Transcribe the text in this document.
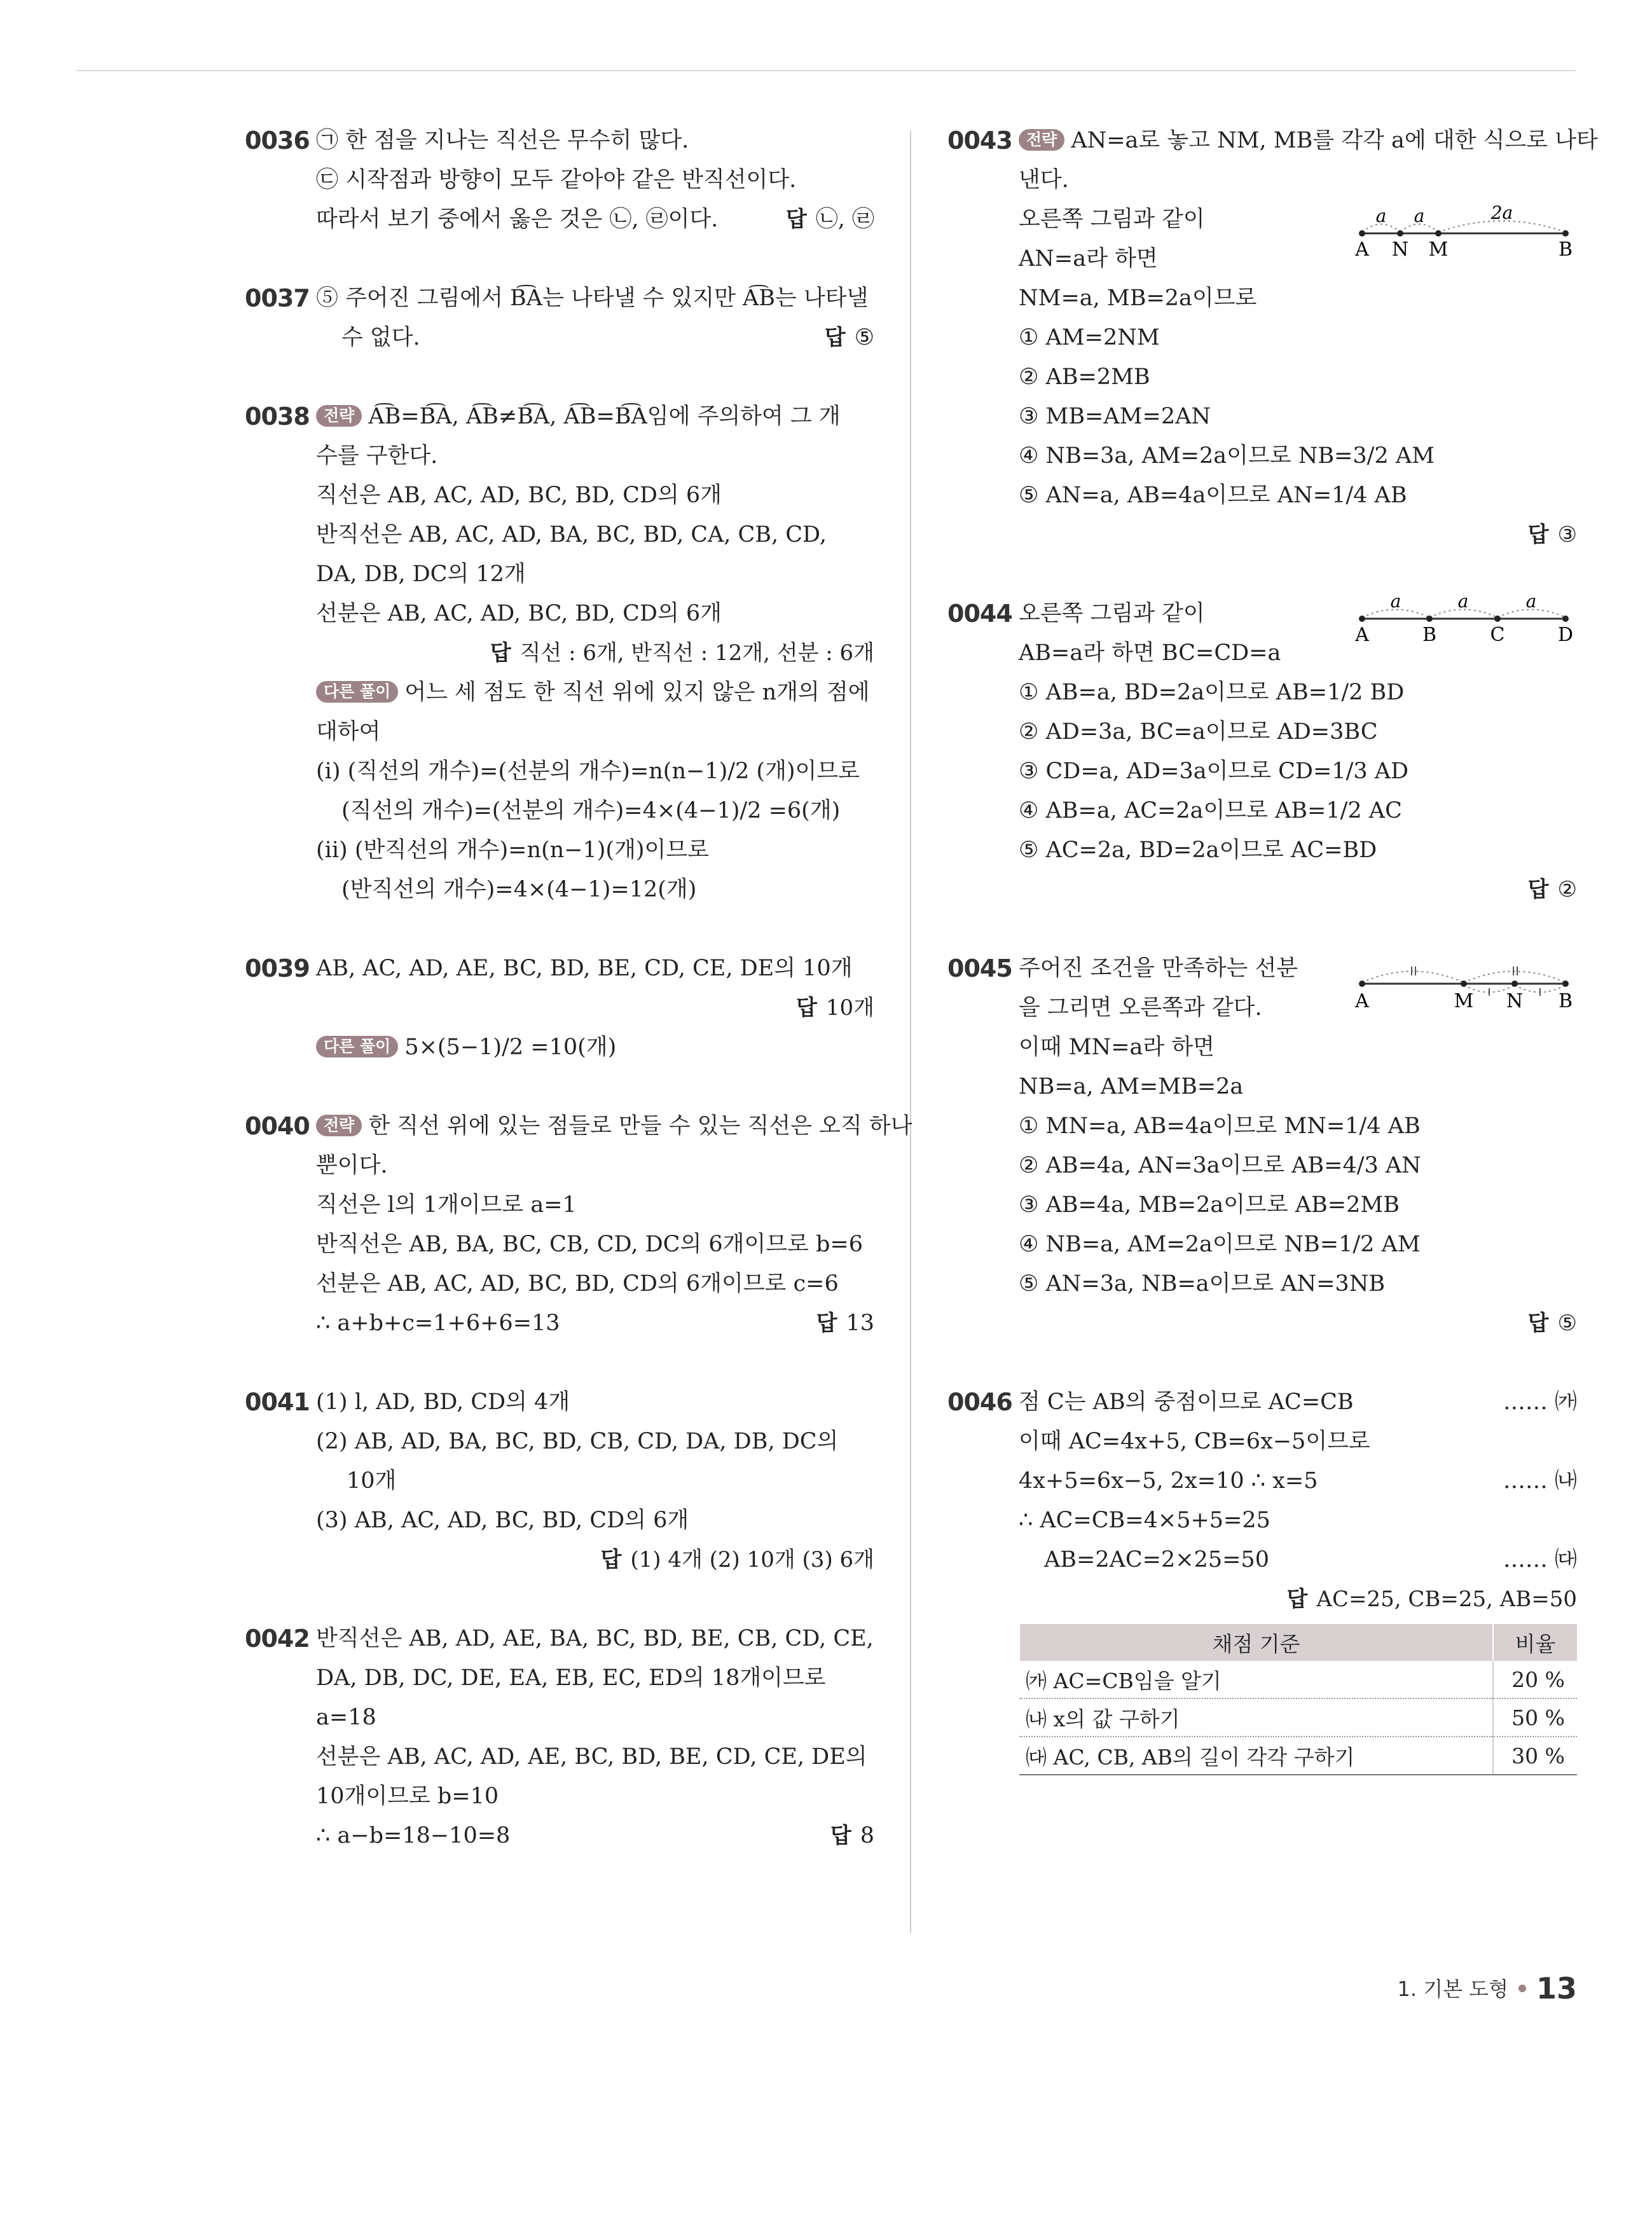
0036 ㉠ 한 점을 지나는 직선은 무수히 많다.
㉢ 시작점과 방향이 모두 같아야 같은 반직선이다.
따라서 보기 중에서 옳은 것은 ㉡, ㉣이다.	답 ㉡, ㉣
0037 ⑤ 주어진 그림에서 B͡A는 나타낼 수 있지만 A͡B는 나타낼
수 없다.	답 ⑤
0038 전략 A͡B=B͡A, A͡B≠B͡A, A͡B=B͡A임에 주의하여 그 개
수를 구한다.
직선은 AB, AC, AD, BC, BD, CD의 6개
반직선은 AB, AC, AD, BA, BC, BD, CA, CB, CD,
DA, DB, DC의 12개
선분은 AB, AC, AD, BC, BD, CD의 6개
답 직선 : 6개, 반직선 : 12개, 선분 : 6개
다른 풀이 어느 세 점도 한 직선 위에 있지 않은 n개의 점에
대하여
(ⅰ) (직선의 개수)=(선분의 개수)=n(n−1)/2 (개)이므로
(직선의 개수)=(선분의 개수)=4×(4−1)/2 =6(개)
(ⅱ) (반직선의 개수)=n(n−1)(개)이므로
(반직선의 개수)=4×(4−1)=12(개)
0039 AB, AC, AD, AE, BC, BD, BE, CD, CE, DE의 10개
답 10개
다른 풀이 5×(5−1)/2 =10(개)
0040 전략 한 직선 위에 있는 점들로 만들 수 있는 직선은 오직 하나
뿐이다.
직선은 l의 1개이므로 a=1
반직선은 AB, BA, BC, CB, CD, DC의 6개이므로 b=6
선분은 AB, AC, AD, BC, BD, CD의 6개이므로 c=6
∴ a+b+c=1+6+6=13	답 13
0041 (1) l, AD, BD, CD의 4개
(2) AB, AD, BA, BC, BD, CB, CD, DA, DB, DC의
10개
(3) AB, AC, AD, BC, BD, CD의 6개
답 (1) 4개 (2) 10개 (3) 6개
0042 반직선은 AB, AD, AE, BA, BC, BD, BE, CB, CD, CE,
DA, DB, DC, DE, EA, EB, EC, ED의 18개이므로
a=18
선분은 AB, AC, AD, AE, BC, BD, BE, CD, CE, DE의
10개이므로 b=10
∴ a−b=18−10=8	답 8
0043 전략 AN=a로 놓고 NM, MB를 각각 a에 대한 식으로 나타
낸다.
오른쪽 그림과 같이
AN=a라 하면
NM=a, MB=2a이므로
① AM=2NM
② AB=2MB
③ MB=AM=2AN
④ NB=3a, AM=2a이므로 NB=3/2 AM
⑤ AN=a, AB=4a이므로 AN=1/4 AB
답 ③
a a	2a
A N M	B
0044 오른쪽 그림과 같이
AB=a라 하면 BC=CD=a
① AB=a, BD=2a이므로 AB=1/2 BD
② AD=3a, BC=a이므로 AD=3BC
③ CD=a, AD=3a이므로 CD=1/3 AD
④ AB=a, AC=2a이므로 AB=1/2 AC
⑤ AC=2a, BD=2a이므로 AC=BD
답 ②
a	a	a
A	B	C	D
0045 주어진 조건을 만족하는 선분
을 그리면 오른쪽과 같다.
이때 MN=a라 하면
NB=a, AM=MB=2a
① MN=a, AB=4a이므로 MN=1/4 AB
② AB=4a, AN=3a이므로 AB=4/3 AN
③ AB=4a, MB=2a이므로 AB=2MB
④ NB=a, AM=2a이므로 NB=1/2 AM
⑤ AN=3a, NB=a이므로 AN=3NB
답 ⑤
A	M N B
0046 점 C는 AB의 중점이므로 AC=CB	…… ㈎
이때 AC=4x+5, CB=6x−5이므로
4x+5=6x−5, 2x=10 ∴ x=5	…… ㈏
∴ AC=CB=4×5+5=25
AB=2AC=2×25=50	…… ㈐
답 AC=25, CB=25, AB=50
채점 기준	비율
㈎ AC=CB임을 알기	20 %
㈏ x의 값 구하기	50 %
㈐ AC, CB, AB의 길이 각각 구하기	30 %
1. 기본 도형 13
